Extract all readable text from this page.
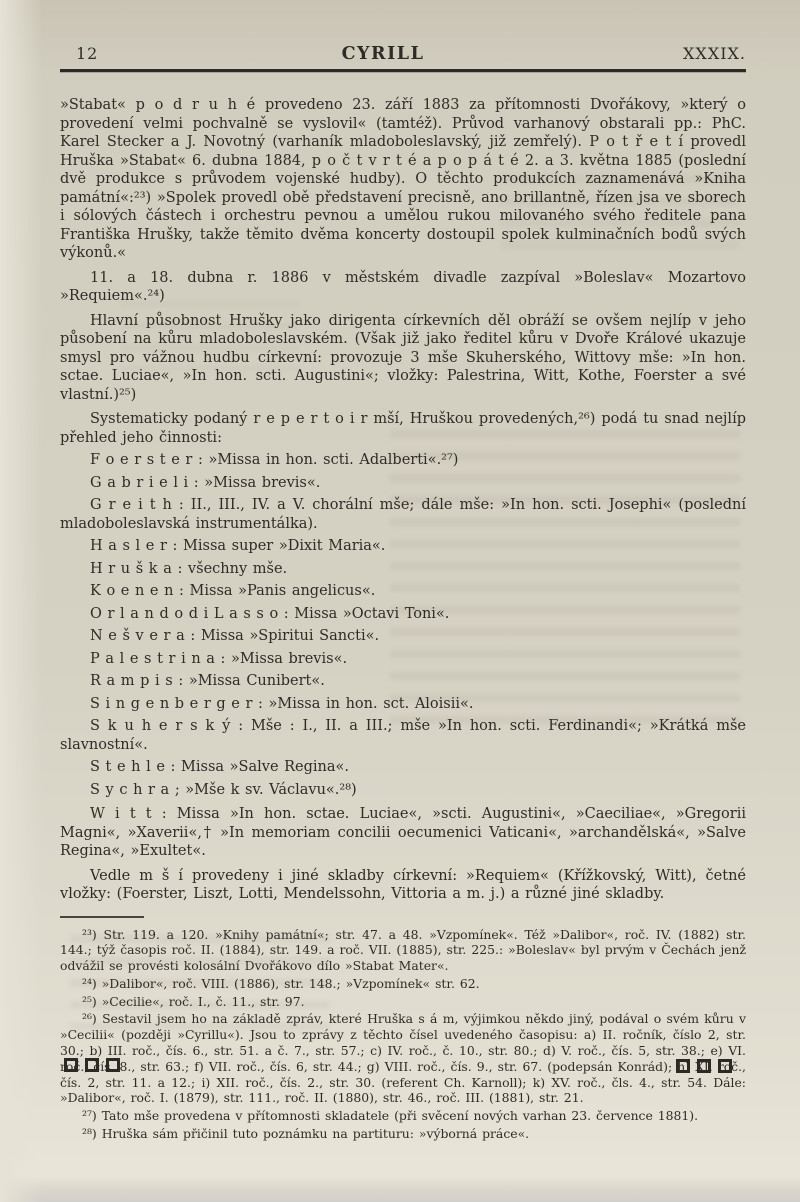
12	CYRILL	XXXIX.

»Stabat« p o d r u h é provedeno 23. září 1883 za přítomnosti Dvořákovy, »který o provedení velmi pochvalně se vyslovil« (tamtéž). Průvod varhanový obstarali pp.: PhC. Karel Stecker a J. Novotný (varhaník mladoboleslavský, již zemřelý). P o t ř e t í provedl Hruška »Stabat« 6. dubna 1884, p o č t v r t é a p o p á t é 2. a 3. května 1885 (poslední dvě produkce s průvodem vojenské hudby). O těchto produkcích zaznamenává »Kniha památní«:²³) »Spolek provedl obě představení precisně, ano brillantně, řízen jsa ve sborech i sólových částech i orchestru pevnou a umělou rukou milovaného svého ředitele pana Františka Hrušky, takže těmito dvěma koncerty dostoupil spolek kulminačních bodů svých výkonů.«

11. a 18. dubna r. 1886 v městském divadle zazpíval »Boleslav« Mozartovo »Requiem«.²⁴)

Hlavní působnost Hrušky jako dirigenta církevních děl obráží se ovšem nejlíp v jeho působení na kůru mladoboleslavském. (Však již jako ředitel kůru v Dvoře Králové ukazuje smysl pro vážnou hudbu církevní: provozuje 3 mše Skuherského, Wittovy mše: »In hon. sctae. Luciae«, »In hon. scti. Augustini«; vložky: Palestrina, Witt, Kothe, Foerster a své vlastní.)²⁵)

Systematicky podaný r e p e r t o i r mší, Hruškou provedených,²⁶) podá tu snad nejlíp přehled jeho činnosti:

F o e r s t e r : »Missa in hon. scti. Adalberti«.²⁷)

G a b r i e l i : »Missa brevis«.

G r e i t h : II., III., IV. a V. chorální mše; dále mše: »In hon. scti. Josephi« (poslední mladoboleslavská instrumentálka).

H a s l e r : Missa super »Dixit Maria«.

H r u š k a : všechny mše.

K o e n e n : Missa »Panis angelicus«.

O r l a n d o d i L a s s o : Missa »Octavi Toni«.

N e š v e r a : Missa »Spiritui Sancti«.

P a l e s t r i n a : »Missa brevis«.

R a m p i s : »Missa Cunibert«.

S i n g e n b e r g e r : »Missa in hon. sct. Aloisii«.

S k u h e r s k ý : Mše : I., II. a III.; mše »In hon. scti. Ferdinandi«; »Krátká mše slavnostní«.

S t e h l e : Missa »Salve Regina«.

S y c h r a ; »Mše k sv. Václavu«.²⁸)

W i t t : Missa »In hon. sctae. Luciae«, »scti. Augustini«, »Caeciliae«, »Gregorii Magni«, »Xaverii«,† »In memoriam concilii oecumenici Vaticani«, »archandělská«, »Salve Regina«, »Exultet«.

Vedle m š í provedeny i jiné skladby církevní: »Requiem« (Křížkovský, Witt), četné vložky: (Foerster, Liszt, Lotti, Mendelssohn, Vittoria a m. j.) a různé jiné skladby.

²³) Str. 119. a 120. »Knihy památní«; str. 47. a 48. »Vzpomínek«. Též »Dalibor«, roč. IV. (1882) str. 144.; týž časopis roč. II. (1884), str. 149. a roč. VII. (1885), str. 225.: »Boleslav« byl prvým v Čechách jenž odvážil se provésti kolosální Dvořákovo dílo »Stabat Mater«.

²⁴) »Dalibor«, roč. VIII. (1886), str. 148.; »Vzpomínek« str. 62.

²⁵) »Cecilie«, roč. I., č. 11., str. 97.

²⁶) Sestavil jsem ho na základě zpráv, které Hruška s á m, výjimkou někdo jiný, podával o svém kůru v »Cecilii« (později »Cyrillu«). Jsou to zprávy z těchto čísel uvedeného časopisu: a) II. ročník, číslo 2, str. 30.; b) III. roč., čís. 6., str. 51. a č. 7., str. 57.; c) IV. roč., č. 10., str. 80.; d) V. roč., čís. 5, str. 38.; e) VI. roč., čís. 8., str. 63.; f) VII. roč., čís. 6, str. 44.; g) VIII. roč., čís. 9., str. 67. (podepsán Konrád); h) XI. roč., čís. 2, str. 11. a 12.; i) XII. roč., čís. 2., str. 30. (referent Ch. Karnoll); k) XV. roč., čls. 4., str. 54. Dále: »Dalibor«, roč. I. (1879), str. 111., roč. II. (1880), str. 46., roč. III. (1881), str. 21.

²⁷) Tato mše provedena v přítomnosti skladatele (při svěcení nových varhan 23. července 1881).

²⁸) Hruška sám přičinil tuto poznámku na partituru: »výborná práce«.
